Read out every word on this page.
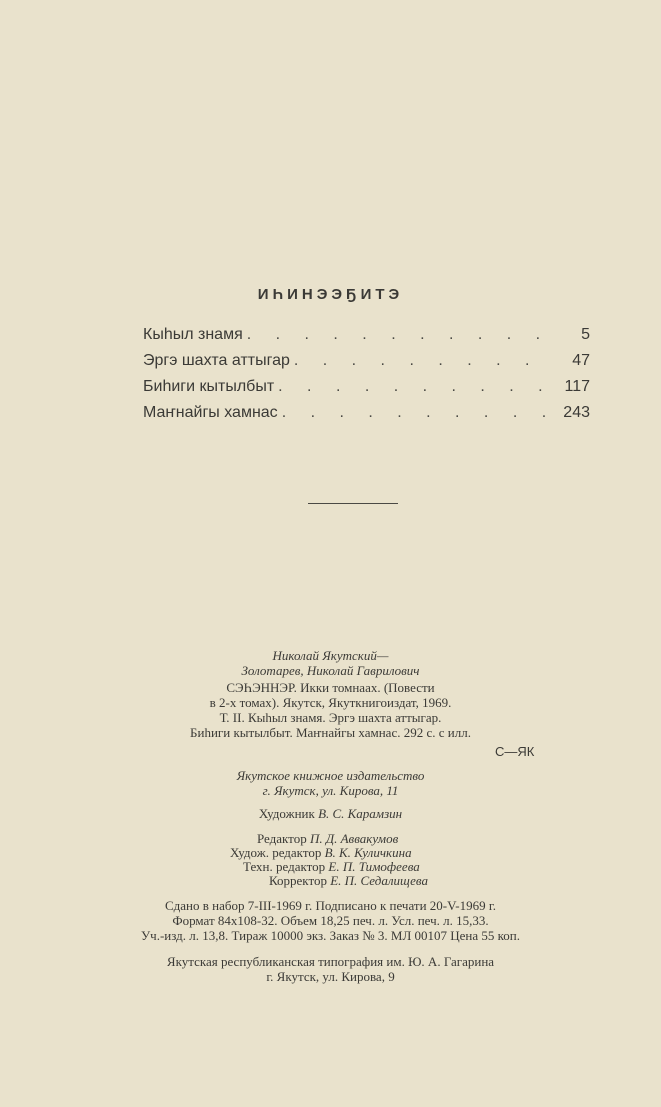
ИҺИНЭЭҔИТЭ
Кыһыл знамя . . . . . . . . . . .	5
Эргэ шахта аттыгар . . . . . . . . .	47
Биһиги кытылбыт . . . . . . . . . . 117
Маҥнайгы хамнас . . . . . . . . . . 243
Николай Якутский—
Золотарев, Николай Гаврилович
СЭҺЭННЭР. Икки томнаах. (Повести
в 2-х томах). Якутск, Якуткнигоиздат, 1969.
Т. II. Кыһыл знамя. Эргэ шахта аттыгар.
Биһиги кытылбыт. Маҥнайгы хамнас. 292 с. с илл.
С—ЯК
Якутское книжное издательство
г. Якутск, ул. Кирова, 11
Художник В. С. Карамзин
Редактор П. Д. Аввакумов
Худож. редактор В. К. Куличкина
Техн. редактор Е. П. Тимофеева
Корректор Е. П. Седалищева
Сдано в набор 7-III-1969 г. Подписано к печати 20-V-1969 г.
Формат 84x108-32. Объем 18,25 печ. л. Усл. печ. л. 15,33.
Уч.-изд. л. 13,8. Тираж 10000 экз. Заказ № 3. МЛ 00107 Цена 55 коп.
Якутская республиканская типография им. Ю. А. Гагарина
г. Якутск, ул. Кирова, 9
